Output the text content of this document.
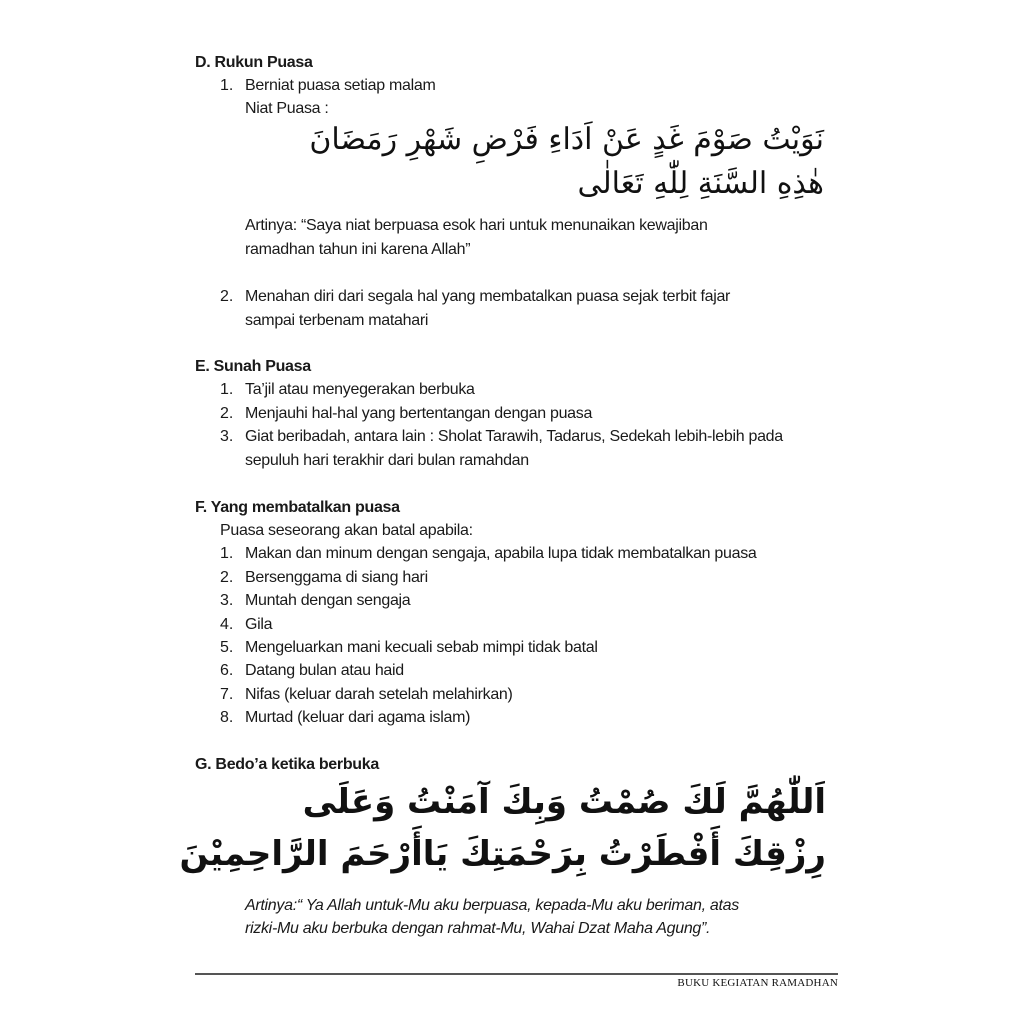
D. Rukun Puasa
1. Berniat puasa setiap malam
Niat Puasa :
نَوَيْتُ صَوْمَ غَدٍ عَنْ اَدَاءِ فَرْضِ شَهْرِ رَمَضَانَ
هٰذِهِ السَّنَةِ لِلّٰهِ تَعَالٰى
Artinya: “Saya niat berpuasa esok hari untuk menunaikan kewajiban
ramadhan tahun ini karena Allah”
2. Menahan diri dari segala hal yang membatalkan puasa sejak terbit fajar
sampai terbenam matahari
E. Sunah Puasa
1. Ta’jil atau menyegerakan berbuka
2. Menjauhi hal-hal yang bertentangan dengan puasa
3. Giat beribadah, antara lain : Sholat Tarawih, Tadarus, Sedekah lebih-lebih pada
sepuluh hari terakhir dari bulan ramahdan
F. Yang membatalkan puasa
Puasa seseorang akan batal apabila:
1. Makan dan minum dengan sengaja, apabila lupa tidak membatalkan puasa
2. Bersenggama di siang hari
3. Muntah dengan sengaja
4. Gila
5. Mengeluarkan mani kecuali sebab mimpi tidak batal
6. Datang bulan atau haid
7. Nifas (keluar darah setelah melahirkan)
8. Murtad (keluar dari agama islam)
G. Bedo’a ketika berbuka
اَللّٰهُمَّ لَكَ صُمْتُ وَبِكَ آمَنْتُ وَعَلَى
رِزْقِكَ أَفْطَرْتُ بِرَحْمَتِكَ يَاأَرْحَمَ الرَّاحِمِيْنَ
Artinya:“ Ya Allah untuk-Mu aku berpuasa, kepada-Mu aku beriman, atas
rizki-Mu aku berbuka dengan rahmat-Mu, Wahai Dzat Maha Agung”.
BUKU KEGIATAN RAMADHAN
